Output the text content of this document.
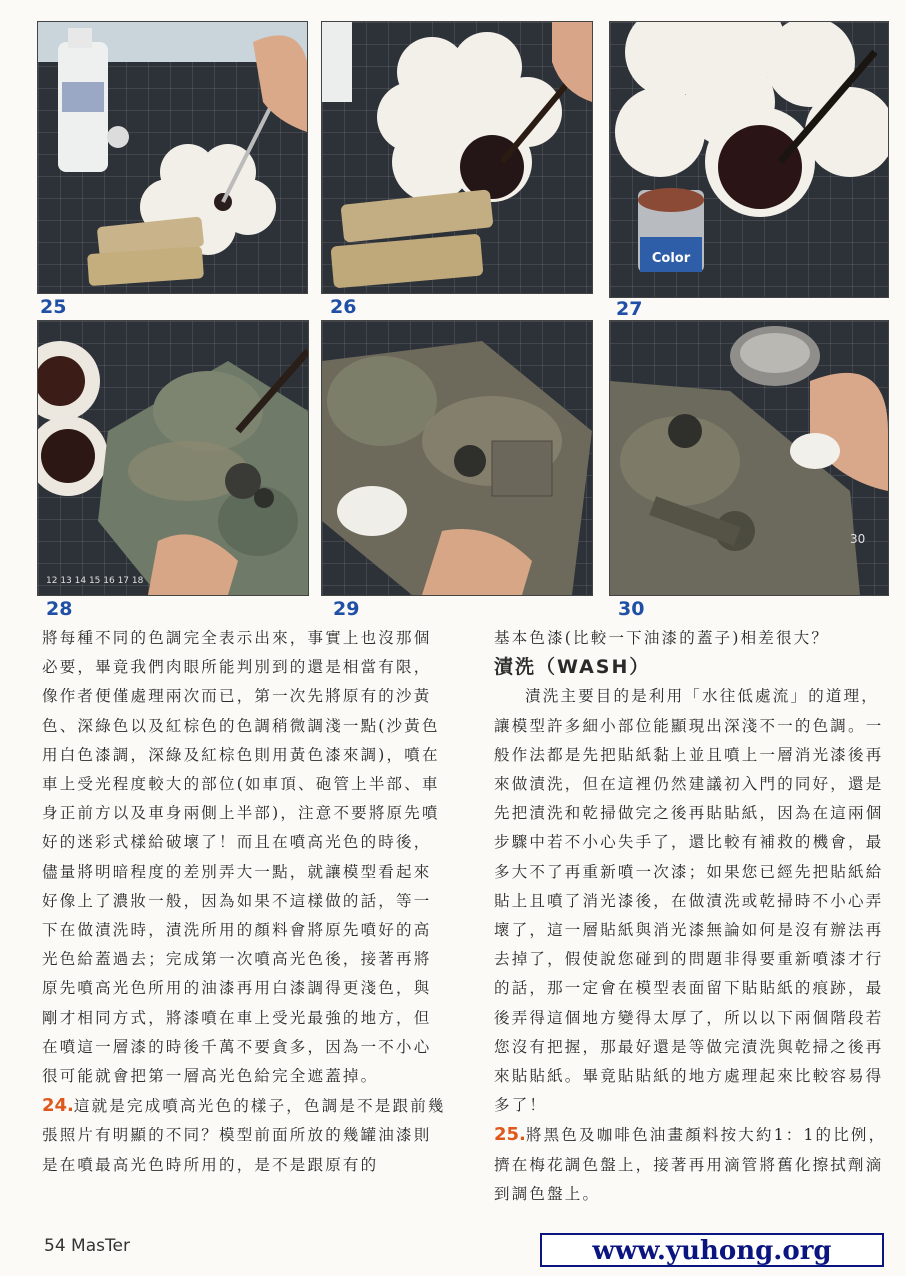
Color
25	26	27
12 13 14 15 16 17 18
30
28	29	30

將每種不同的色調完全表示出來，事實上也沒那個必要，畢竟我們肉眼所能判別到的還是相當有限，像作者便僅處理兩次而已，第一次先將原有的沙黃色、深綠色以及紅棕色的色調稍微調淺一點(沙黃色用白色漆調，深綠及紅棕色則用黃色漆來調)，噴在車上受光程度較大的部位(如車頂、砲管上半部、車身正前方以及車身兩側上半部)，注意不要將原先噴好的迷彩式樣給破壞了！而且在噴高光色的時後，儘量將明暗程度的差別弄大一點，就讓模型看起來好像上了濃妝一般，因為如果不這樣做的話，等一下在做漬洗時，漬洗所用的顏料會將原先噴好的高光色給蓋過去；完成第一次噴高光色後，接著再將原先噴高光色所用的油漆再用白漆調得更淺色，與剛才相同方式，將漆噴在車上受光最強的地方，但在噴這一層漆的時後千萬不要貪多，因為一不小心很可能就會把第一層高光色給完全遮蓋掉。

24.這就是完成噴高光色的樣子，色調是不是跟前幾張照片有明顯的不同？模型前面所放的幾罐油漆則是在噴最高光色時所用的，是不是跟原有的

基本色漆(比較一下油漆的蓋子)相差很大？

漬洗（WASH）

漬洗主要目的是利用「水往低處流」的道理，讓模型許多細小部位能顯現出深淺不一的色調。一般作法都是先把貼紙黏上並且噴上一層消光漆後再來做漬洗，但在這裡仍然建議初入門的同好，還是先把漬洗和乾掃做完之後再貼貼紙，因為在這兩個步驟中若不小心失手了，還比較有補救的機會，最多大不了再重新噴一次漆；如果您已經先把貼紙給貼上且噴了消光漆後，在做漬洗或乾掃時不小心弄壞了，這一層貼紙與消光漆無論如何是沒有辦法再去掉了，假使說您碰到的問題非得要重新噴漆才行的話，那一定會在模型表面留下貼貼紙的痕跡，最後弄得這個地方變得太厚了，所以以下兩個階段若您沒有把握，那最好還是等做完漬洗與乾掃之後再來貼貼紙。畢竟貼貼紙的地方處理起來比較容易得多了！

25.將黑色及咖啡色油畫顏料按大約1：1的比例，擠在梅花調色盤上，接著再用滴管將舊化擦拭劑滴到調色盤上。

54 MasTer	www.yuhong.org
